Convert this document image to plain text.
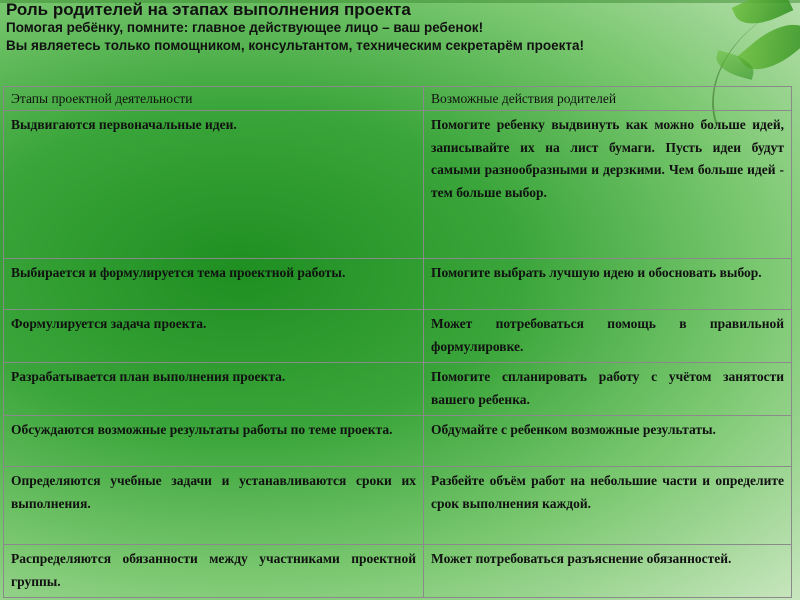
Роль родителей на этапах выполнения проекта

Помогая ребёнку, помните: главное действующее лицо – ваш ребенок!

Вы являетесь только помощником, консультантом, техническим секретарём проекта!

Этапы проектной деятельности	Возможные действия родителей
Выдвигаются первоначальные идеи.	Помогите ребенку выдвинуть как можно больше идей, записывайте их на лист бумаги. Пусть идеи будут самыми разнообразными и дерзкими. Чем больше идей - тем больше выбор.
Выбирается и формулируется тема проектной работы.	Помогите выбрать лучшую идею и обосновать выбор.
Формулируется задача проекта.	Может потребоваться помощь в правильной формулировке.
Разрабатывается план выполнения проекта.	Помогите спланировать работу с учётом занятости вашего ребенка.
Обсуждаются возможные результаты работы по теме проекта.	Обдумайте с ребенком возможные результаты.
Определяются учебные задачи и устанавливаются сроки их выполнения.	Разбейте объём работ на небольшие части и определите срок выполнения каждой.
Распределяются обязанности между участниками проектной группы.	Может потребоваться разъяснение обязанностей.
